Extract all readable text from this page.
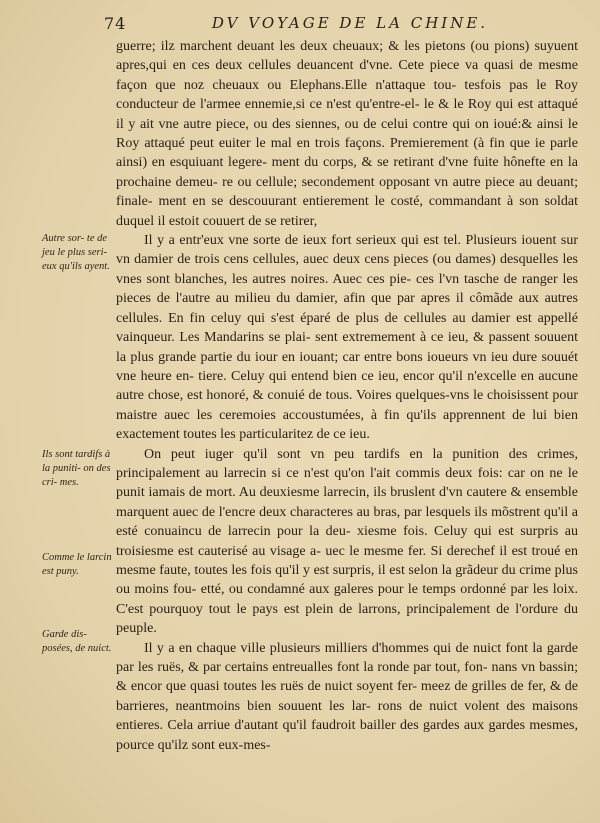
74	DV VOYAGE DE LA CHINE.
Autre sor- te de jeu le plus seri- eux qu'ils ayent.
Ils sont tardifs à la puniti- on des cri- mes.
Comme le larcin est puny.
Garde dis- posées, de nuict.

guerre; ilz marchent deuant les deux cheuaux; & les pietons (ou pions) suyuent apres,qui en ces deux cellules deuancent d'vne. Cete piece va quasi de mesme façon que noz cheuaux ou Elephans.Elle n'attaque tou- tesfois pas le Roy conducteur de l'armee ennemie,si ce n'est qu'entre-el- le & le Roy qui est attaqué il y ait vne autre piece, ou des siennes, ou de celui contre qui on ioué:& ainsi le Roy attaqué peut euiter le mal en trois façons. Premierement (à fin que ie parle ainsi) en esquiuant legere- ment du corps, & se retirant d'vne fuite hônefte en la prochaine demeu- re ou cellule; secondement opposant vn autre piece au deuant; finale- ment en se descouurant entierement le costé, commandant à son soldat duquel il estoit couuert de se retirer,

Il y a entr'eux vne sorte de ieux fort serieux qui est tel. Plusieurs iouent sur vn damier de trois cens cellules, auec deux cens pieces (ou dames) desquelles les vnes sont blanches, les autres noires. Auec ces pie- ces l'vn tasche de ranger les pieces de l'autre au milieu du damier, afin que par apres il cômãde aux autres cellules. En fin celuy qui s'est éparé de plus de cellules au damier est appellé vainqueur. Les Mandarins se plai- sent extremement à ce ieu, & passent souuent la plus grande partie du iour en iouant; car entre bons ioueurs vn ieu dure souuét vne heure en- tiere. Celuy qui entend bien ce ieu, encor qu'il n'excelle en aucune autre chose, est honoré, & conuié de tous. Voires quelques-vns le choisissent pour maistre auec les ceremoies accoustumées, à fin qu'ils apprennent de lui bien exactement toutes les particularitez de ce ieu.

On peut iuger qu'il sont vn peu tardifs en la punition des crimes, principalement au larrecin si ce n'est qu'on l'ait commis deux fois: car on ne le punit iamais de mort. Au deuxiesme larrecin, ils bruslent d'vn cautere & ensemble marquent auec de l'encre deux characteres au bras, par lesquels ils mõstrent qu'il a esté conuaincu de larrecin pour la deu- xiesme fois. Celuy qui est surpris au troisiesme est cauterisé au visage a- uec le mesme fer. Si derechef il est troué en mesme faute, toutes les fois qu'il y est surpris, il est selon la grãdeur du crime plus ou moins fou- etté, ou condamné aux galeres pour le temps ordonné par les loix. C'est pourquoy tout le pays est plein de larrons, principalement de l'ordure du peuple.

Il y a en chaque ville plusieurs milliers d'hommes qui de nuict font la garde par les ruës, & par certains entreualles font la ronde par tout, fon- nans vn bassin; & encor que quasi toutes les ruës de nuict soyent fer- meez de grilles de fer, & de barrieres, neantmoins bien souuent les lar- rons de nuict volent des maisons entieres. Cela arriue d'autant qu'il faudroit bailler des gardes aux gardes mesmes, pource qu'ilz sont eux-mes-
